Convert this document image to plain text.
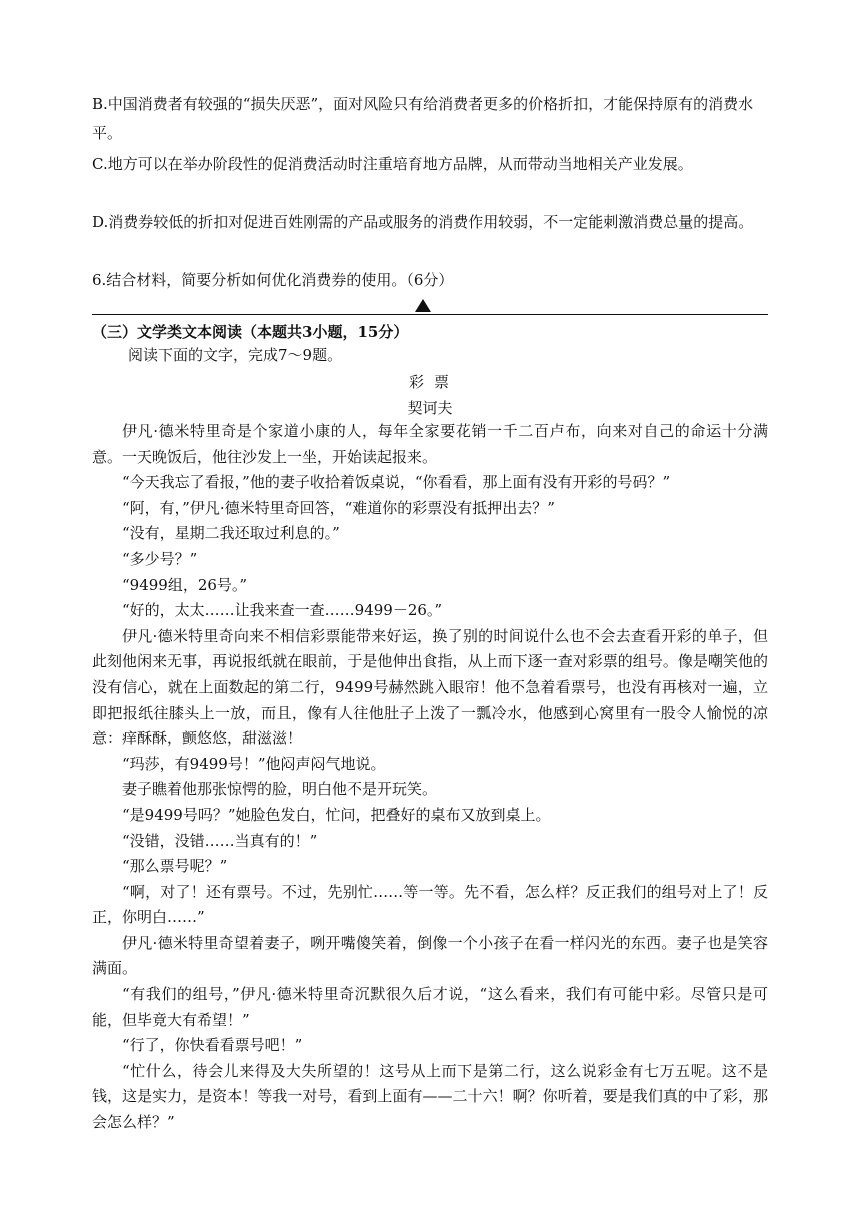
B.中国消费者有较强的“损失厌恶”，面对风险只有给消费者更多的价格折扣，才能保持原有的消费水平。

C.地方可以在举办阶段性的促消费活动时注重培育地方品牌，从而带动当地相关产业发展。

D.消费券较低的折扣对促进百姓刚需的产品或服务的消费作用较弱，不一定能刺激消费总量的提高。

6.结合材料，简要分析如何优化消费券的使用。（6分）

（三）文学类文本阅读（本题共3小题，15分）

阅读下面的文字，完成7～9题。

彩票

契诃夫

伊凡·德米特里奇是个家道小康的人，每年全家要花销一千二百卢布，向来对自己的命运十分满意。一天晚饭后，他往沙发上一坐，开始读起报来。

“今天我忘了看报，”他的妻子收拾着饭桌说，“你看看，那上面有没有开彩的号码？”

“阿，有，”伊凡·德米特里奇回答，“难道你的彩票没有抵押出去？”

“没有，星期二我还取过利息的。”

“多少号？”

“9499组，26号。”

“好的，太太……让我来查一查……9499－26。”

伊凡·德米特里奇向来不相信彩票能带来好运，换了别的时间说什么也不会去查看开彩的单子，但此刻他闲来无事，再说报纸就在眼前，于是他伸出食指，从上而下逐一查对彩票的组号。像是嘲笑他的没有信心，就在上面数起的第二行，9499号赫然跳入眼帘！他不急着看票号，也没有再核对一遍，立即把报纸往膝头上一放，而且，像有人往他肚子上泼了一瓢冷水，他感到心窝里有一股令人愉悦的凉意：痒酥酥，颤悠悠，甜滋滋！

“玛莎，有9499号！”他闷声闷气地说。

妻子瞧着他那张惊愕的脸，明白他不是开玩笑。

“是9499号吗？”她脸色发白，忙问，把叠好的桌布又放到桌上。

“没错，没错……当真有的！”

“那么票号呢？”

“啊，对了！还有票号。不过，先别忙……等一等。先不看，怎么样？反正我们的组号对上了！反正，你明白……”

伊凡·德米特里奇望着妻子，咧开嘴傻笑着，倒像一个小孩子在看一样闪光的东西。妻子也是笑容满面。

“有我们的组号，”伊凡·德米特里奇沉默很久后才说，“这么看来，我们有可能中彩。尽管只是可能，但毕竟大有希望！”

“行了，你快看看票号吧！”

“忙什么，待会儿来得及大失所望的！这号从上而下是第二行，这么说彩金有七万五呢。这不是钱，这是实力，是资本！等我一对号，看到上面有——二十六！啊？你听着，要是我们真的中了彩，那会怎么样？”
